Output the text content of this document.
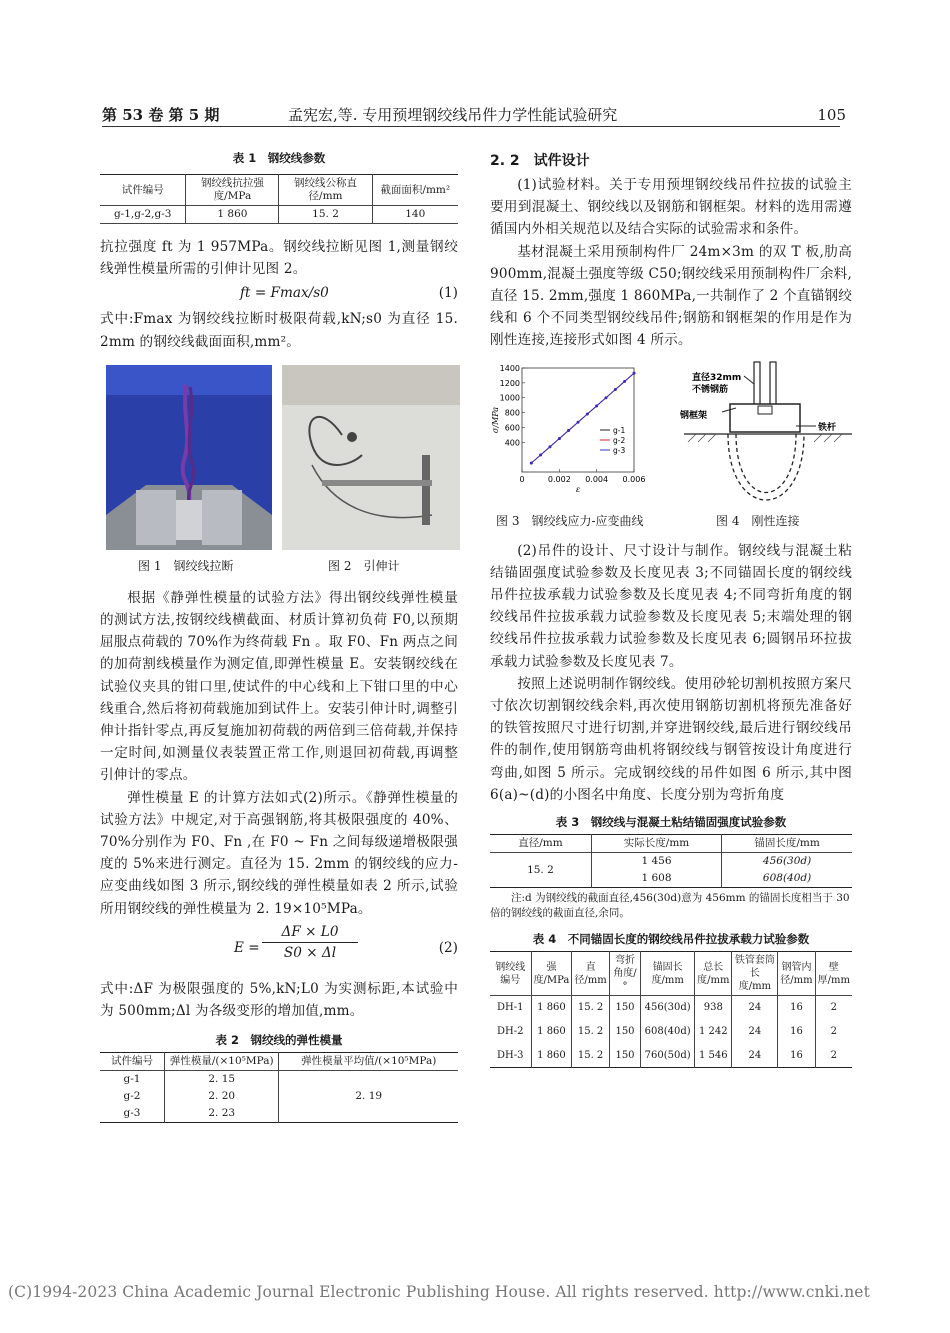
第 53 卷 第 5 期	孟宪宏,等. 专用预埋钢绞线吊件力学性能试验研究	105
表 1　钢绞线参数
试件编号	钢绞线抗拉强度/MPa	钢绞线公称直径/mm	截面面积/mm²
g-1,g-2,g-3	1 860	15. 2	140

抗拉强度 ft 为 1 957MPa。钢绞线拉断见图 1,测量钢绞线弹性模量所需的引伸计见图 2。

ft = Fmax/s0	(1)

式中:Fmax 为钢绞线拉断时极限荷载,kN;s0 为直径 15. 2mm 的钢绞线截面面积,mm²。

图 1　钢绞线拉断	图 2　引伸计

根据《静弹性模量的试验方法》得出钢绞线弹性模量的测试方法,按钢绞线横截面、材质计算初负荷 F0,以预期屈服点荷载的 70%作为终荷载 Fn 。取 F0、Fn 两点之间的加荷割线模量作为测定值,即弹性模量 E。安装钢绞线在试验仪夹具的钳口里,使试件的中心线和上下钳口里的中心线重合,然后将初荷载施加到试件上。安装引伸计时,调整引伸计指针零点,再反复施加初荷载的两倍到三倍荷载,并保持一定时间,如测量仪表装置正常工作,则退回初荷载,再调整引伸计的零点。

弹性模量 E 的计算方法如式(2)所示。《静弹性模量的试验方法》中规定,对于高强钢筋,将其极限强度的 40%、70%分别作为 F0、Fn ,在 F0 ~ Fn 之间每级递增极限强度的 5%来进行测定。直径为 15. 2mm 的钢绞线的应力-应变曲线如图 3 所示,钢绞线的弹性模量如表 2 所示,试验所用钢绞线的弹性模量为 2. 19×10⁵MPa。

$E = \frac{\Delta F \times L0}{S0 \times \Delta l}$	(2)

式中:ΔF 为极限强度的 5%,kN;L0 为实测标距,本试验中为 500mm;Δl 为各级变形的增加值,mm。

表 2　钢绞线的弹性模量
试件编号	弹性模量/(×10⁵MPa)	弹性模量平均值/(×10⁵MPa)
g-1	2. 15	2. 19
g-2	2. 20	
g-3	2. 23	
2. 2　试件设计

(1)试验材料。关于专用预埋钢绞线吊件拉拔的试验主要用到混凝土、钢绞线以及钢筋和钢框架。材料的选用需遵循国内外相关规范以及结合实际的试验需求和条件。

基材混凝土采用预制构件厂 24m×3m 的双 T 板,肋高 900mm,混凝土强度等级 C50;钢绞线采用预制构件厂余料,直径 15. 2mm,强度 1 860MPa,一共制作了 2 个直锚钢绞线和 6 个不同类型钢绞线吊件;钢筋和钢框架的作用是作为刚性连接,连接形式如图 4 所示。

0	0.002 0.004 0.006
400
600
800
1000
1200
1400
ε
σ/MPa	g-1
g-2
g-3
直径32mm
不锈钢筋
钢框架
铁杆
图 3　钢绞线应力-应变曲线	图 4　刚性连接

(2)吊件的设计、尺寸设计与制作。钢绞线与混凝土粘结锚固强度试验参数及长度见表 3;不同锚固长度的钢绞线吊件拉拔承载力试验参数及长度见表 4;不同弯折角度的钢绞线吊件拉拔承载力试验参数及长度见表 5;末端处理的钢绞线吊件拉拔承载力试验参数及长度见表 6;圆钢吊环拉拔承载力试验参数及长度见表 7。

按照上述说明制作钢绞线。使用砂轮切割机按照方案尺寸依次切割钢绞线余料,再次使用钢筋切割机将预先准备好的铁管按照尺寸进行切割,并穿进钢绞线,最后进行钢绞线吊件的制作,使用钢筋弯曲机将钢绞线与钢管按设计角度进行弯曲,如图 5 所示。完成钢绞线的吊件如图 6 所示,其中图 6(a)~(d)的小图名中角度、长度分别为弯折角度

表 3　钢绞线与混凝土粘结锚固强度试验参数
直径/mm	实际长度/mm	锚固长度/mm
15. 2	1 456	456(30d)
	1 608	608(40d)
注:d 为钢绞线的截面直径,456(30d)意为 456mm 的锚固长度相当于 30 倍的钢绞线的截面直径,余同。
表 4　不同锚固长度的钢绞线吊件拉拔承载力试验参数
钢绞线编号	强度/MPa	直径/mm	弯折角度/°	锚固长度/mm	总长度/mm	铁管套筒长度/mm	钢管内径/mm	壁厚/mm
DH-1	1 860	15. 2	150	456(30d)	938	24	16	2
DH-2	1 860	15. 2	150	608(40d)	1 242	24	16	2
DH-3	1 860	15. 2	150	760(50d)	1 546	24	16	2
(C)1994-2023 China Academic Journal Electronic Publishing House. All rights reserved. http://www.cnki.net
